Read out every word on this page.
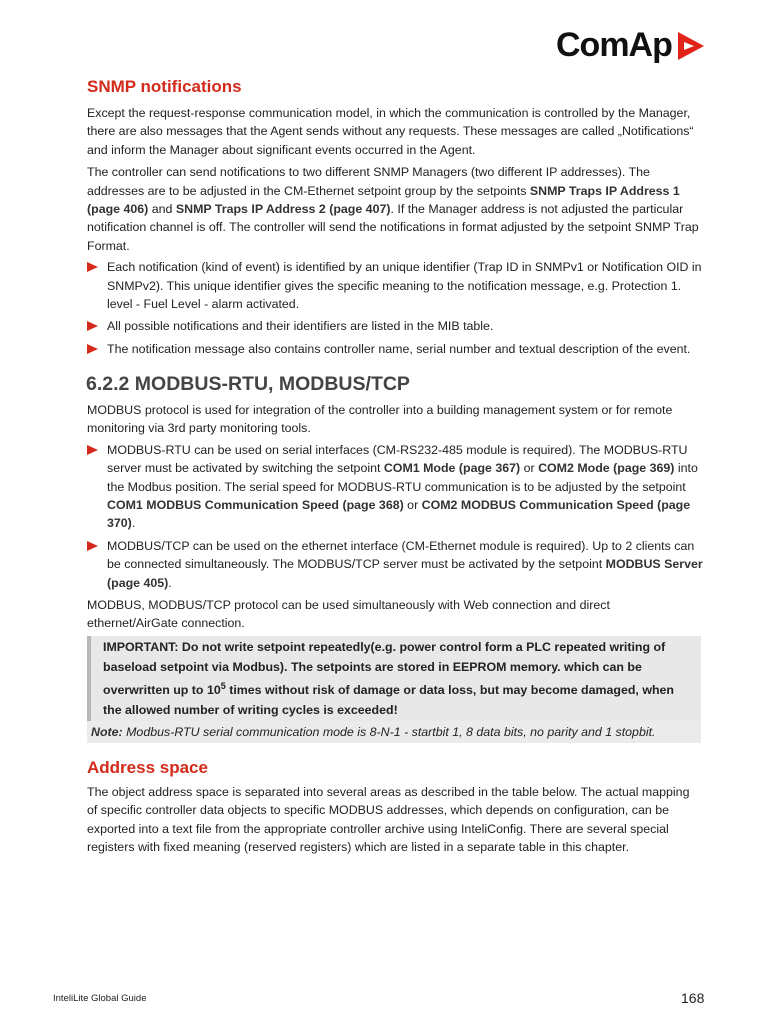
ComAp
SNMP notifications

Except the request-response communication model, in which the communication is controlled by the Manager, there are also messages that the Agent sends without any requests. These messages are called „Notifications“ and inform the Manager about significant events occurred in the Agent.

The controller can send notifications to two different SNMP Managers (two different IP addresses). The addresses are to be adjusted in the CM-Ethernet setpoint group by the setpoints SNMP Traps IP Address 1 (page 406) and SNMP Traps IP Address 2 (page 407). If the Manager address is not adjusted the particular notification channel is off. The controller will send the notifications in format adjusted by the setpoint SNMP Trap Format.

Each notification (kind of event) is identified by an unique identifier (Trap ID in SNMPv1 or Notification OID in SNMPv2). This unique identifier gives the specific meaning to the notification message, e.g. Protection 1. level - Fuel Level - alarm activated.
All possible notifications and their identifiers are listed in the MIB table.
The notification message also contains controller name, serial number and textual description of the event.
6.2.2 MODBUS-RTU, MODBUS/TCP

MODBUS protocol is used for integration of the controller into a building management system or for remote monitoring via 3rd party monitoring tools.

MODBUS-RTU can be used on serial interfaces (CM-RS232-485 module is required). The MODBUS-RTU server must be activated by switching the setpoint COM1 Mode (page 367) or COM2 Mode (page 369) into the Modbus position. The serial speed for MODBUS-RTU communication is to be adjusted by the setpoint COM1 MODBUS Communication Speed (page 368) or COM2 MODBUS Communication Speed (page 370).
MODBUS/TCP can be used on the ethernet interface (CM-Ethernet module is required). Up to 2 clients can be connected simultaneously. The MODBUS/TCP server must be activated by the setpoint MODBUS Server (page 405).

MODBUS, MODBUS/TCP protocol can be used simultaneously with Web connection and direct ethernet/AirGate connection.

IMPORTANT: Do not write setpoint repeatedly(e.g. power control form a PLC repeated writing of baseload setpoint via Modbus). The setpoints are stored in EEPROM memory. which can be overwritten up to $10^5$ times without risk of damage or data loss, but may become damaged, when the allowed number of writing cycles is exceeded!
Note: Modbus-RTU serial communication mode is 8-N-1 - startbit 1, 8 data bits, no parity and 1 stopbit.
Address space

The object address space is separated into several areas as described in the table below. The actual mapping of specific controller data objects to specific MODBUS addresses, which depends on configuration, can be exported into a text file from the appropriate controller archive using InteliConfig. There are several special registers with fixed meaning (reserved registers) which are listed in a separate table in this chapter.

InteliLite Global Guide	168
